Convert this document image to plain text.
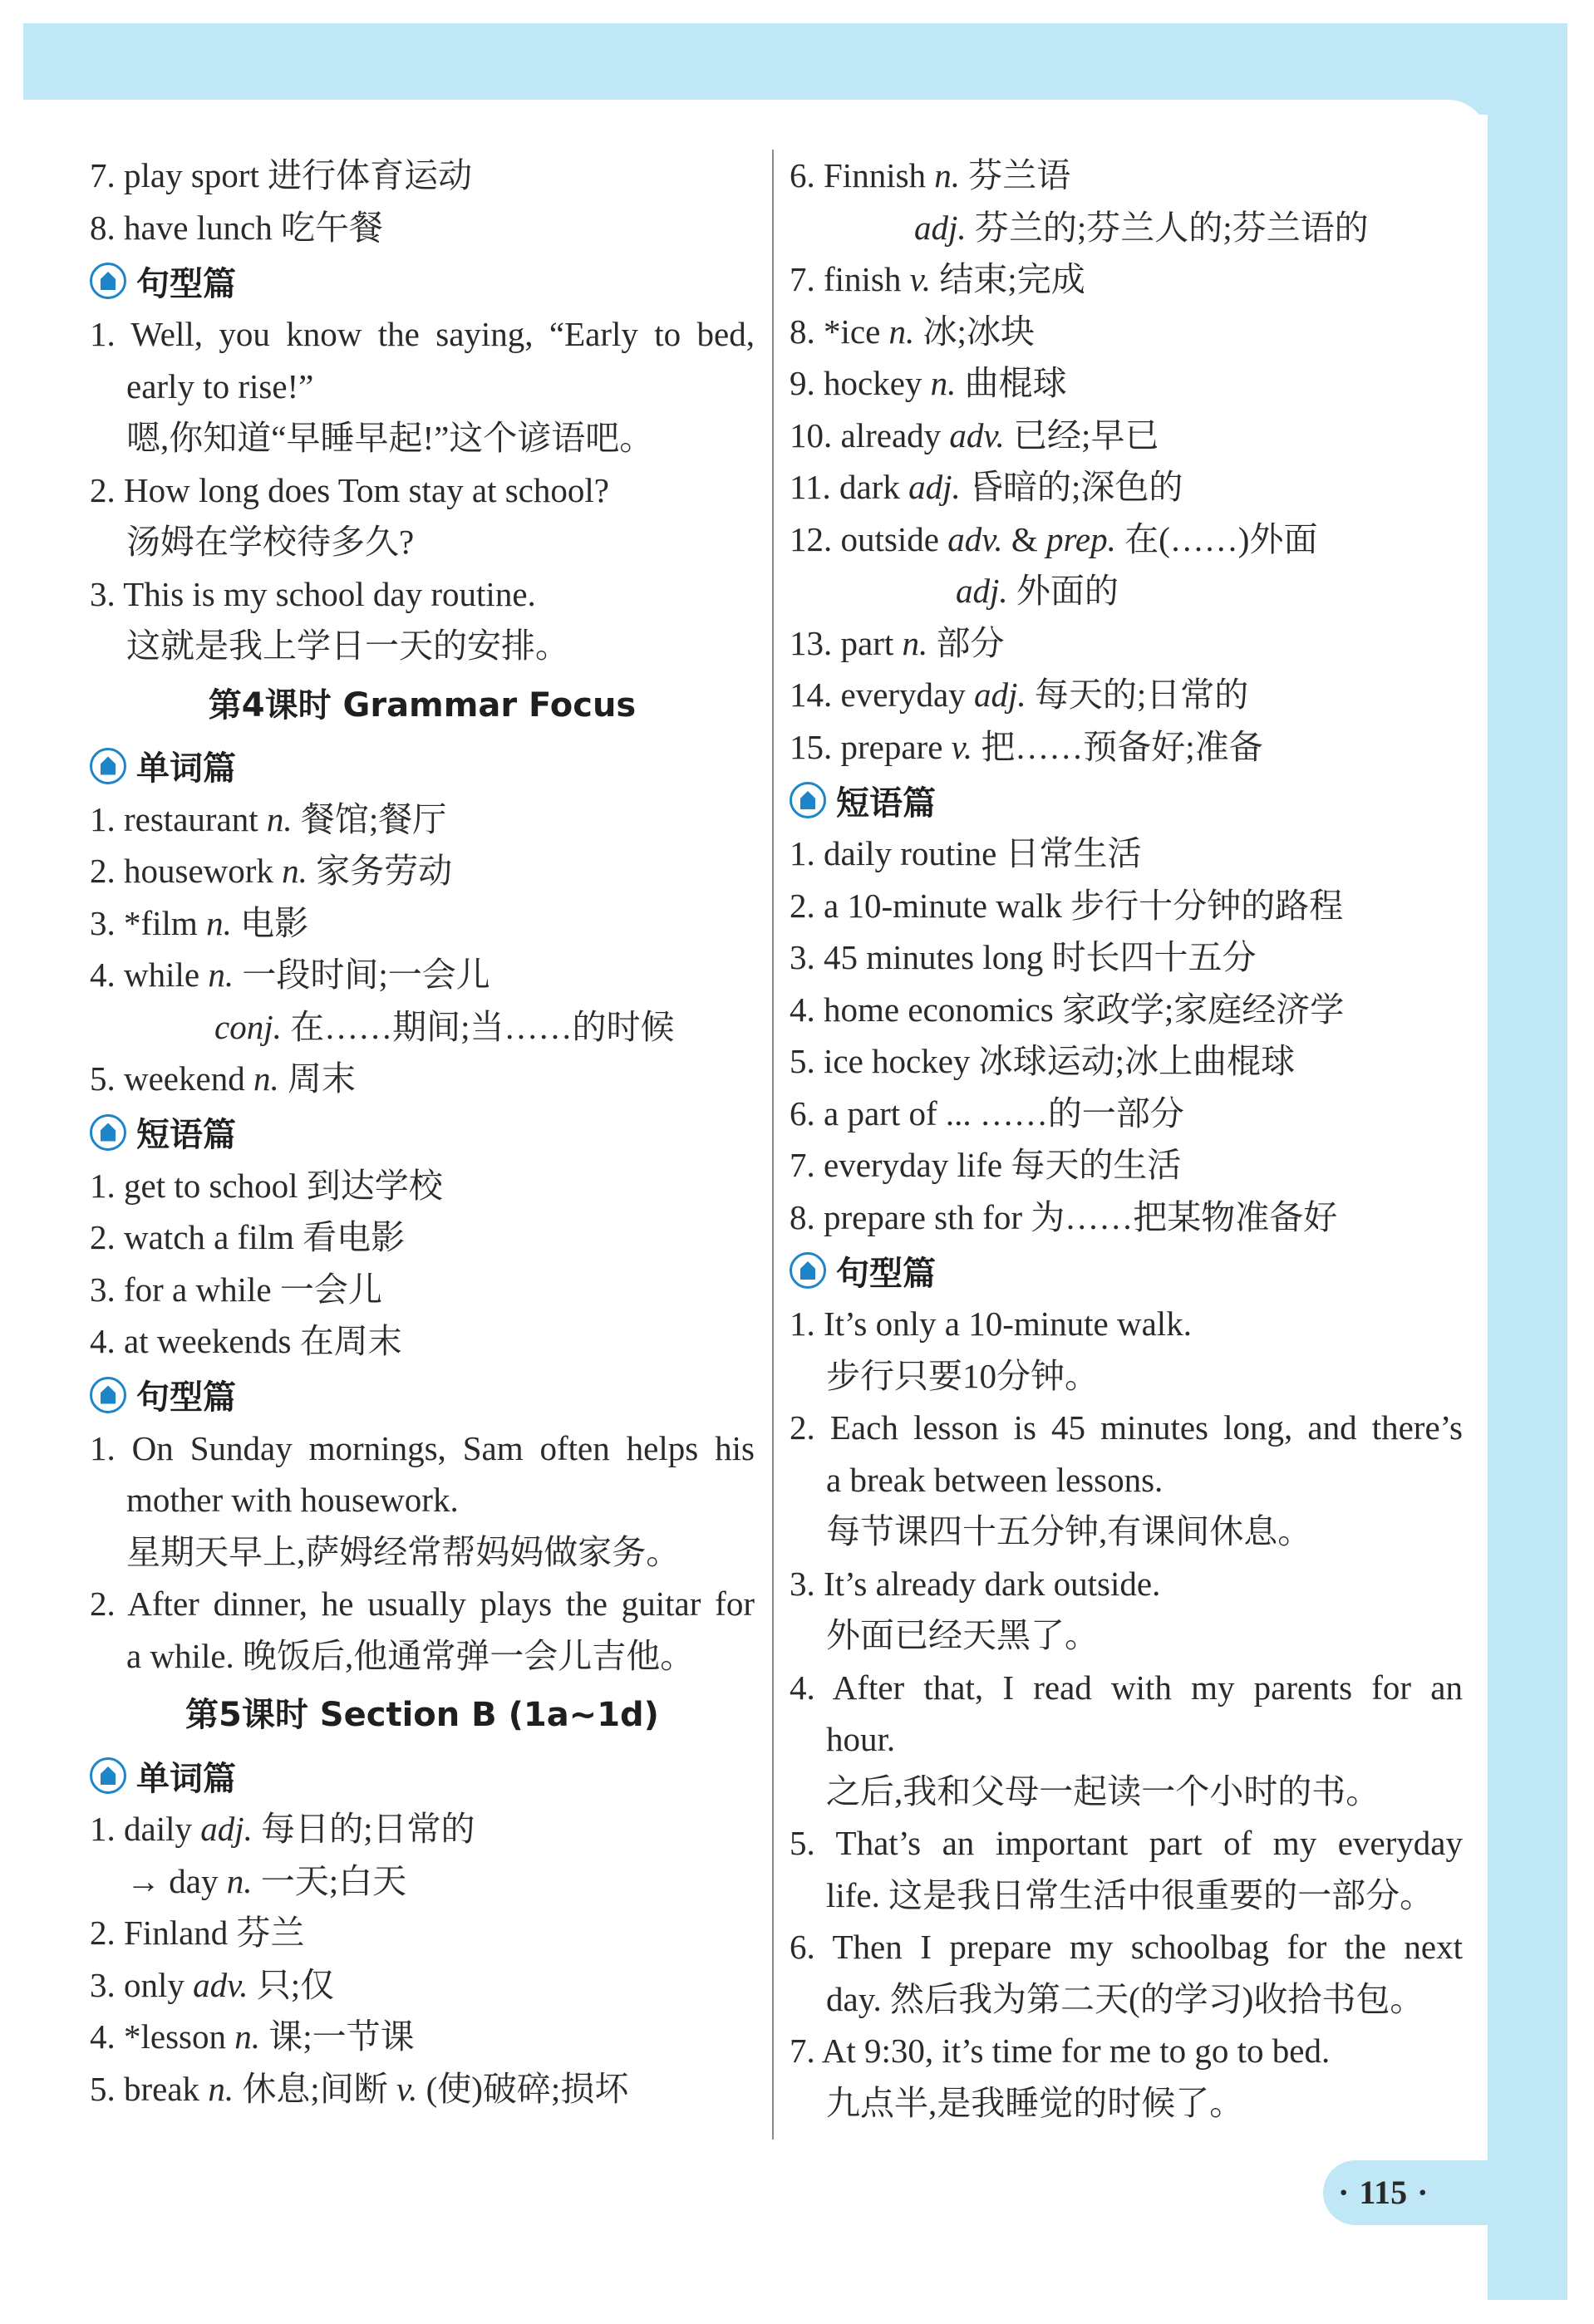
7. play sport 进行体育运动
8. have lunch 吃午餐
句型篇
1. Well, you know the saying, “Early to bed,
early to rise!”
嗯,你知道“早睡早起!”这个谚语吧。
2. How long does Tom stay at school?
汤姆在学校待多久?
3. This is my school day routine.
这就是我上学日一天的安排。
第4课时 Grammar Focus
单词篇
1. restaurant n. 餐馆;餐厅
2. housework n. 家务劳动
3. *film n. 电影
4. while n. 一段时间;一会儿
conj. 在……期间;当……的时候
5. weekend n. 周末
短语篇
1. get to school 到达学校
2. watch a film 看电影
3. for a while 一会儿
4. at weekends 在周末
句型篇
1. On Sunday mornings, Sam often helps his
mother with housework.
星期天早上,萨姆经常帮妈妈做家务。
2. After dinner, he usually plays the guitar for
a while. 晚饭后,他通常弹一会儿吉他。
第5课时 Section B (1a~1d)
单词篇
1. daily adj. 每日的;日常的
→ day n. 一天;白天
2. Finland 芬兰
3. only adv. 只;仅
4. *lesson n. 课;一节课
5. break n. 休息;间断 v. (使)破碎;损坏
6. Finnish n. 芬兰语
adj. 芬兰的;芬兰人的;芬兰语的
7. finish v. 结束;完成
8. *ice n. 冰;冰块
9. hockey n. 曲棍球
10. already adv. 已经;早已
11. dark adj. 昏暗的;深色的
12. outside adv. & prep. 在(……)外面
adj. 外面的
13. part n. 部分
14. everyday adj. 每天的;日常的
15. prepare v. 把……预备好;准备
短语篇
1. daily routine 日常生活
2. a 10-minute walk 步行十分钟的路程
3. 45 minutes long 时长四十五分
4. home economics 家政学;家庭经济学
5. ice hockey 冰球运动;冰上曲棍球
6. a part of ... ……的一部分
7. everyday life 每天的生活
8. prepare sth for 为……把某物准备好
句型篇
1. It’s only a 10-minute walk.
步行只要10分钟。
2. Each lesson is 45 minutes long, and there’s
a break between lessons.
每节课四十五分钟,有课间休息。
3. It’s already dark outside.
外面已经天黑了。
4. After that, I read with my parents for an
hour.
之后,我和父母一起读一个小时的书。
5. That’s an important part of my everyday
life. 这是我日常生活中很重要的一部分。
6. Then I prepare my schoolbag for the next
day. 然后我为第二天(的学习)收拾书包。
7. At 9:30, it’s time for me to go to bed.
九点半,是我睡觉的时候了。
· 115 ·
